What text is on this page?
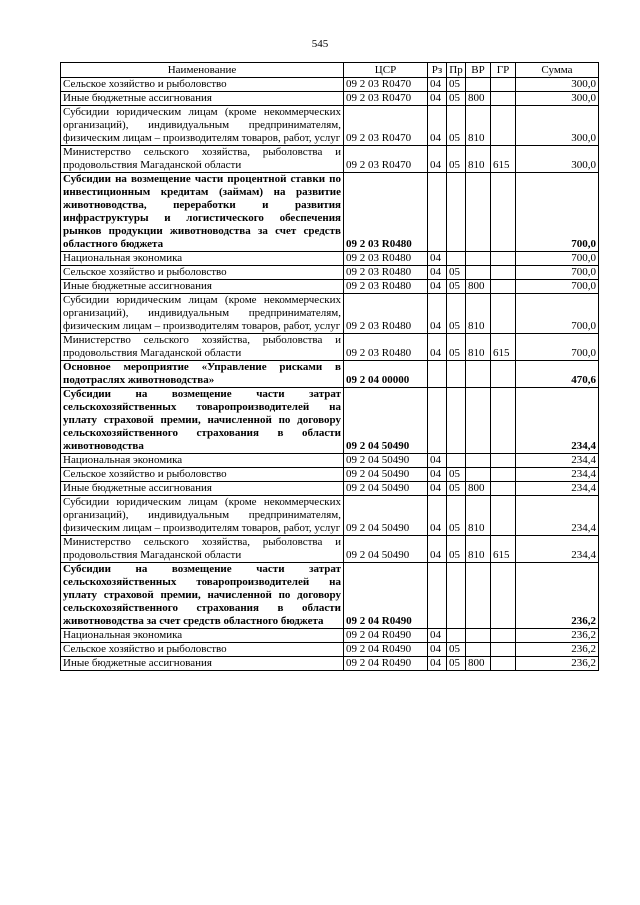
545
Наименование	ЦСР	Рз	Пр	ВР	ГР	Сумма
Сельское хозяйство и рыболовство	09 2 03 R0470	04	05			300,0
Иные бюджетные ассигнования	09 2 03 R0470	04	05	800		300,0
Субсидии юридическим лицам (кроме некоммерческих организаций), индивидуальным предпринимателям, физическим лицам – производителям товаров, работ, услуг	09 2 03 R0470	04	05	810		300,0
Министерство сельского хозяйства, рыболовства и продовольствия Магаданской области	09 2 03 R0470	04	05	810	615	300,0
Субсидии на возмещение части процентной ставки по инвестиционным кредитам (займам) на развитие животноводства, переработки и развития инфраструктуры и логистического обеспечения рынков продукции животноводства за счет средств областного бюджета	09 2 03 R0480					700,0
Национальная экономика	09 2 03 R0480	04				700,0
Сельское хозяйство и рыболовство	09 2 03 R0480	04	05			700,0
Иные бюджетные ассигнования	09 2 03 R0480	04	05	800		700,0
Субсидии юридическим лицам (кроме некоммерческих организаций), индивидуальным предпринимателям, физическим лицам – производителям товаров, работ, услуг	09 2 03 R0480	04	05	810		700,0
Министерство сельского хозяйства, рыболовства и продовольствия Магаданской области	09 2 03 R0480	04	05	810	615	700,0
Основное мероприятие «Управление рисками в подотраслях животноводства»	09 2 04 00000					470,6
Субсидии на возмещение части затрат сельскохозяйственных товаропроизводителей на уплату страховой премии, начисленной по договору сельскохозяйственного страхования в области животноводства	09 2 04 50490					234,4
Национальная экономика	09 2 04 50490	04				234,4
Сельское хозяйство и рыболовство	09 2 04 50490	04	05			234,4
Иные бюджетные ассигнования	09 2 04 50490	04	05	800		234,4
Субсидии юридическим лицам (кроме некоммерческих организаций), индивидуальным предпринимателям, физическим лицам – производителям товаров, работ, услуг	09 2 04 50490	04	05	810		234,4
Министерство сельского хозяйства, рыболовства и продовольствия Магаданской области	09 2 04 50490	04	05	810	615	234,4
Субсидии на возмещение части затрат сельскохозяйственных товаропроизводителей на уплату страховой премии, начисленной по договору сельскохозяйственного страхования в области животноводства за счет средств областного бюджета	09 2 04 R0490					236,2
Национальная экономика	09 2 04 R0490	04				236,2
Сельское хозяйство и рыболовство	09 2 04 R0490	04	05			236,2
Иные бюджетные ассигнования	09 2 04 R0490	04	05	800		236,2
